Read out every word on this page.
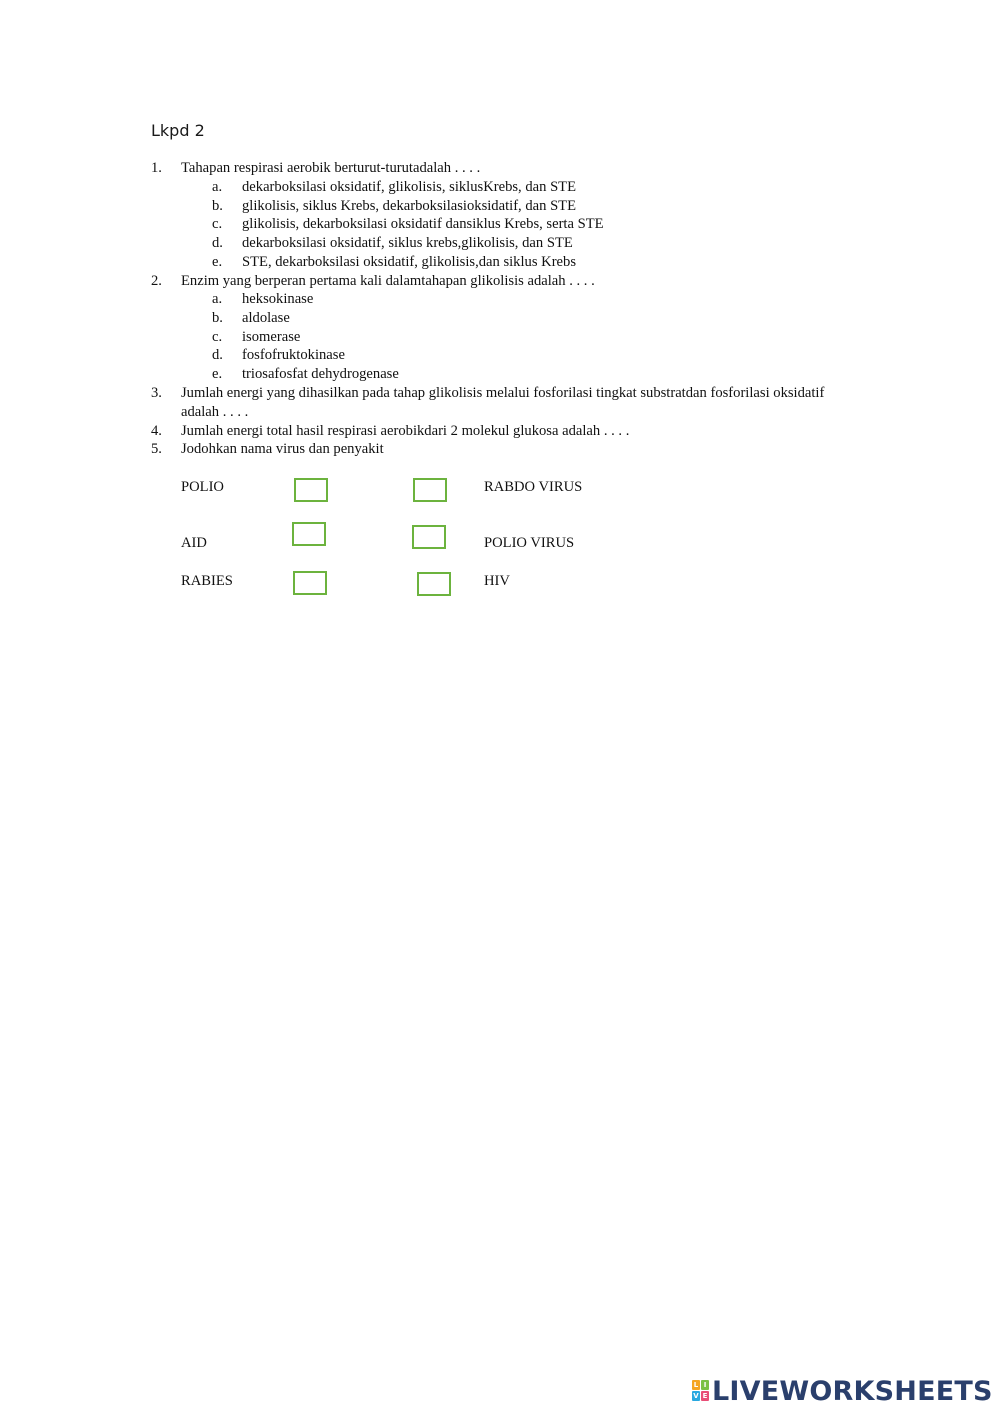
Lkpd 2
1. Tahapan respirasi aerobik berturut-turutadalah . . . .
a. dekarboksilasi oksidatif, glikolisis, siklusKrebs, dan STE
b. glikolisis, siklus Krebs, dekarboksilasioksidatif, dan STE
c. glikolisis, dekarboksilasi oksidatif dansiklus Krebs, serta STE
d. dekarboksilasi oksidatif, siklus krebs,glikolisis, dan STE
e. STE, dekarboksilasi oksidatif, glikolisis,dan siklus Krebs
2. Enzim yang berperan pertama kali dalamtahapan glikolisis adalah . . . .
a. heksokinase
b. aldolase
c. isomerase
d. fosfofruktokinase
e. triosafosfat dehydrogenase
3. Jumlah energi yang dihasilkan pada tahap glikolisis melalui fosforilasi tingkat substratdan fosforilasi oksidatif
adalah . . . .
4. Jumlah energi total hasil respirasi aerobikdari 2 molekul glukosa adalah . . . .
5. Jodohkan nama virus dan penyakit
POLIO
AID
RABIES
RABDO VIRUS
POLIO VIRUS
HIV
L I
V E LIVEWORKSHEETS
